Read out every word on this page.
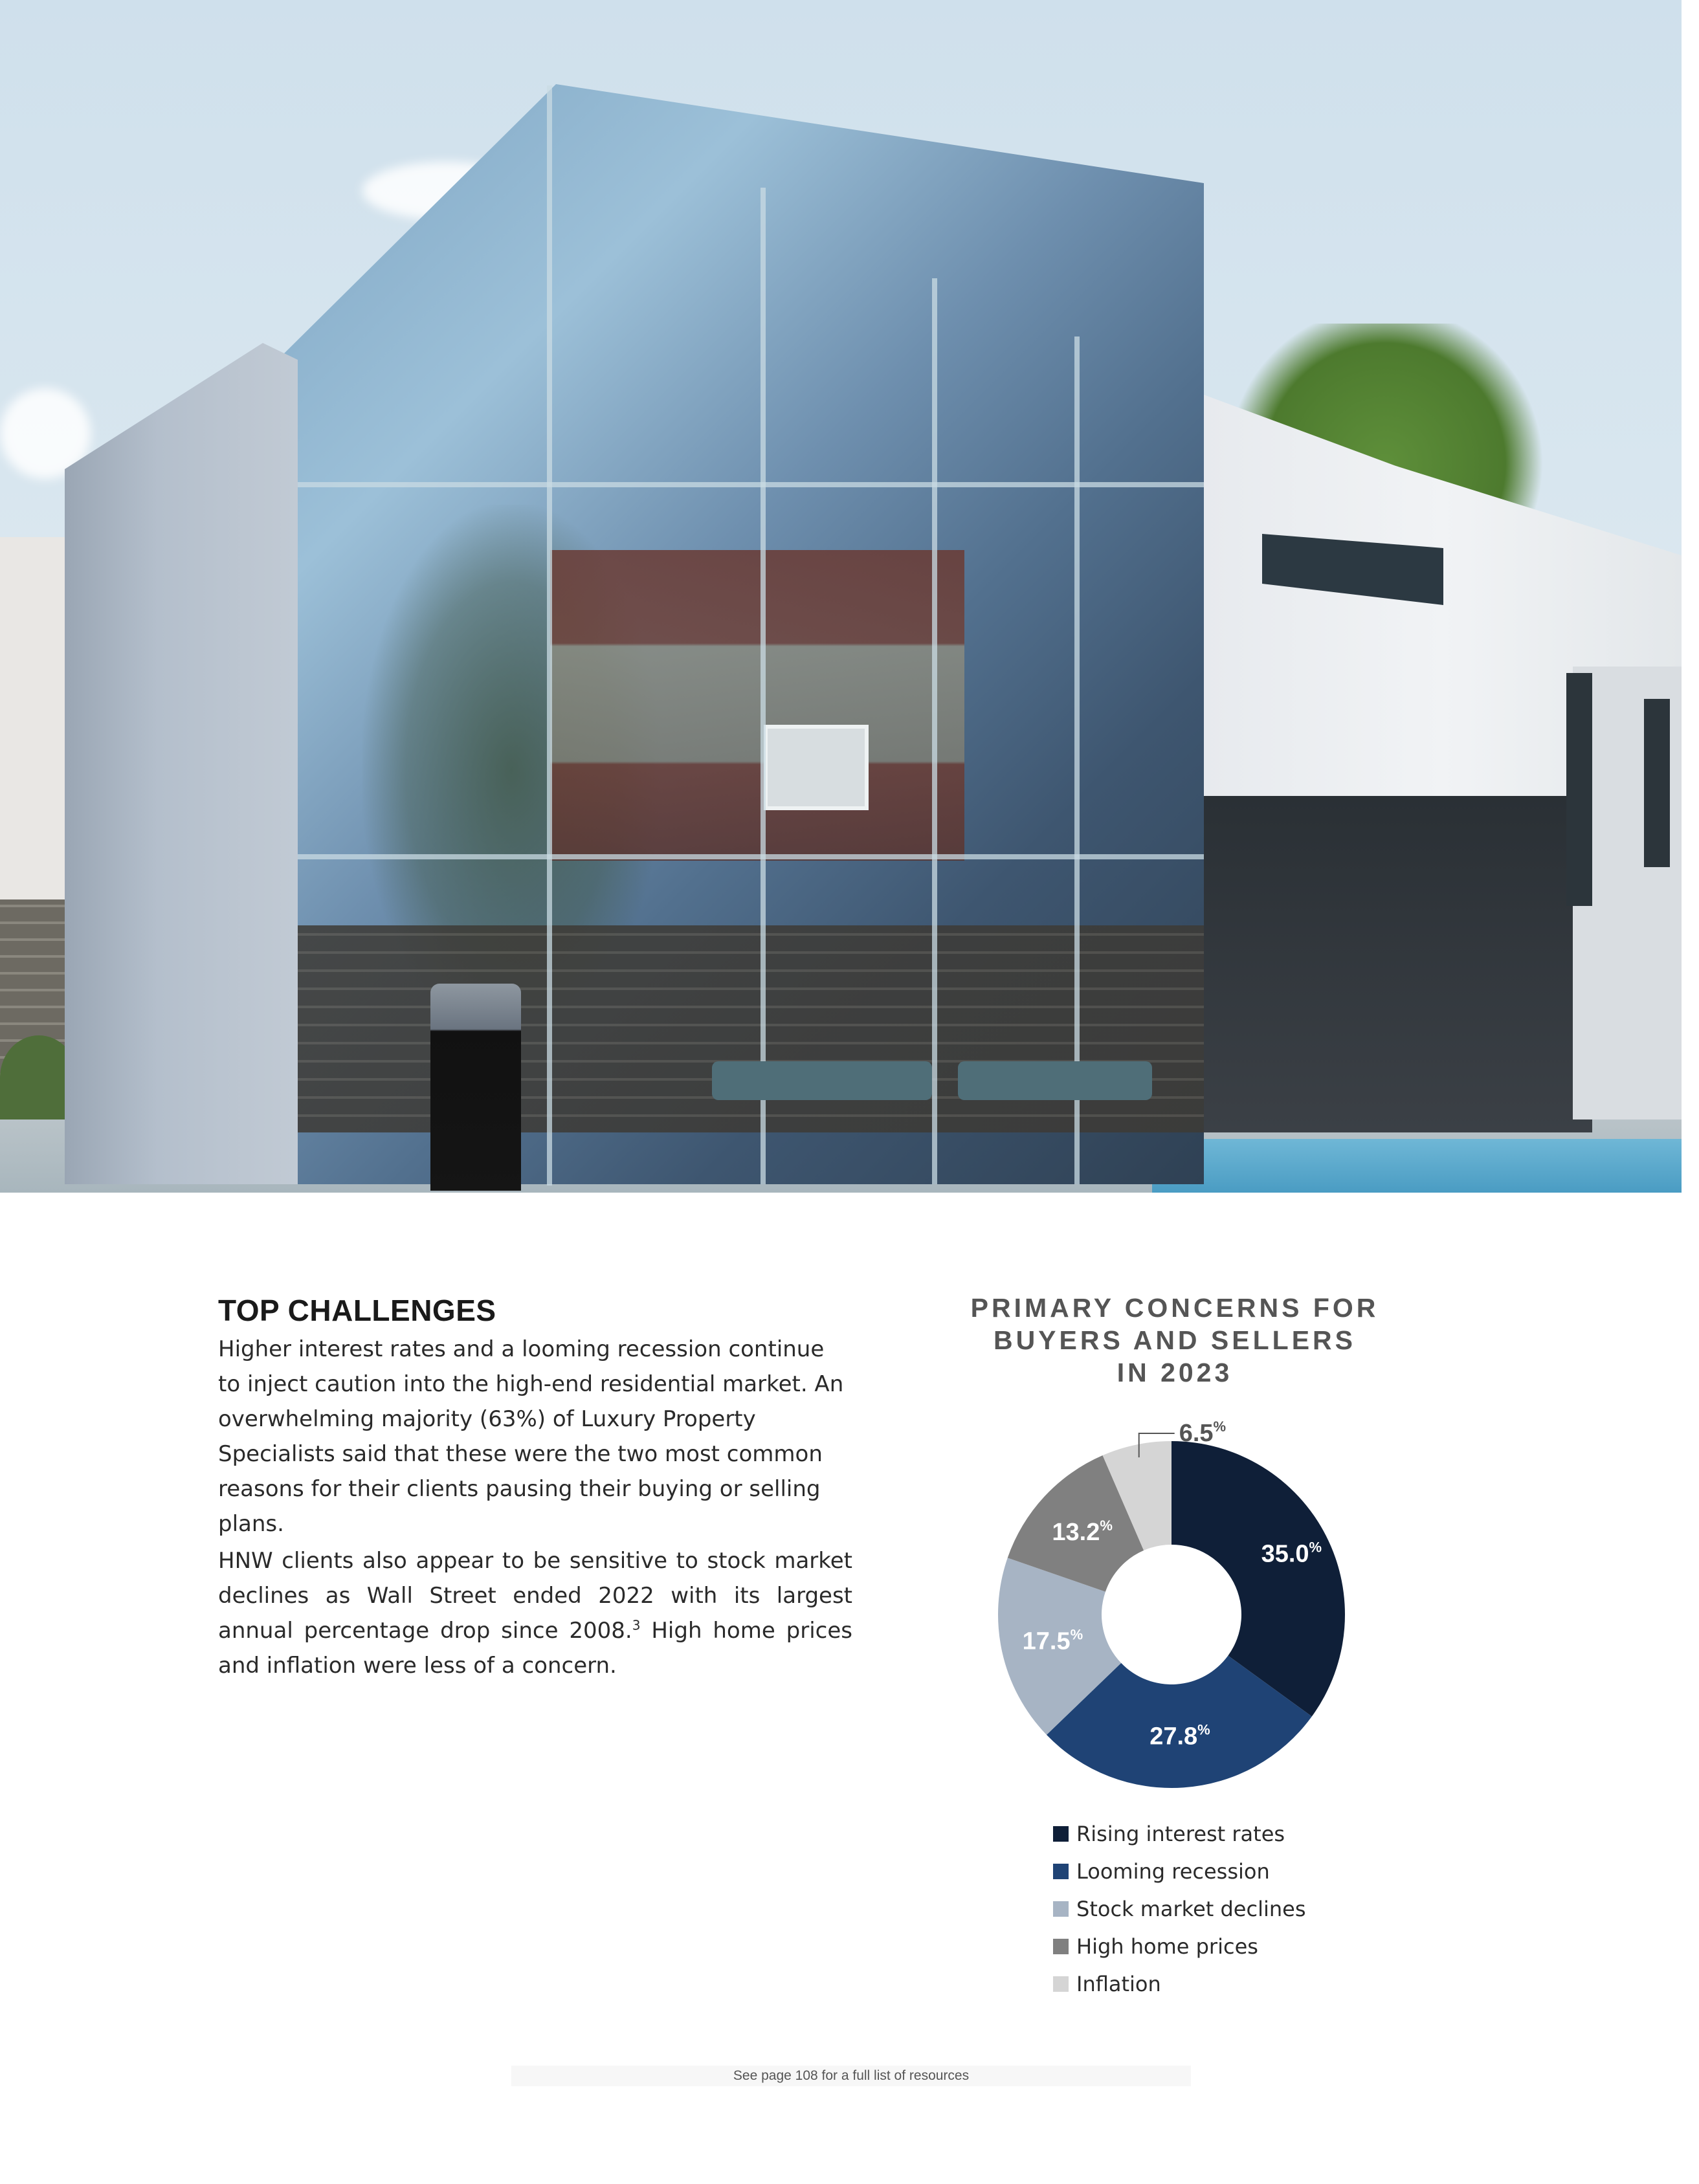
TOP CHALLENGES

Higher interest rates and a looming recession continue to inject caution into the high-end residential market. An overwhelming majority (63%) of Luxury Property Specialists said that these were the two most common reasons for their clients pausing their buying or selling plans.

HNW clients also appear to be sensitive to stock market declines as Wall Street ended 2022 with its largest annual percentage drop since 2008.$^3$ High home prices and inflation were less of a concern.

PRIMARY CONCERNS FOR
BUYERS AND SELLERS
IN 2023
35.0%
27.8%
17.5%
13.2%
6.5%
Rising interest rates
Looming recession
Stock market declines
High home prices
Inflation
See page 108 for a full list of resources
